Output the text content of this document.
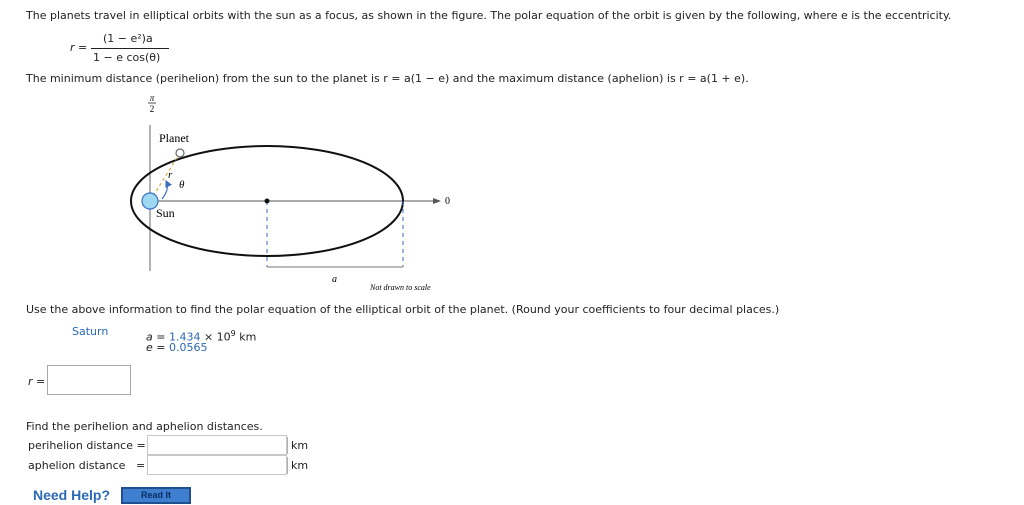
The planets travel in elliptical orbits with the sun as a focus, as shown in the figure. The polar equation of the orbit is given by the following, where e is the eccentricity.
r =
(1 − e²)a
1 − e cos(θ)
The minimum distance (perihelion) from the sun to the planet is r = a(1 − e) and the maximum distance (aphelion) is r = a(1 + e).
π
2
Planet
r
θ
0
Sun
a
Not drawn to scale
Use the above information to find the polar equation of the elliptical orbit of the planet. (Round your coefficients to four decimal places.)
Saturn	$a = 1.434 \times 10^9$ km
e = 0.0565
r =
Find the perihelion and aphelion distances.
perihelion distance =	km
aphelion distance =	km
Need Help?	Read It
